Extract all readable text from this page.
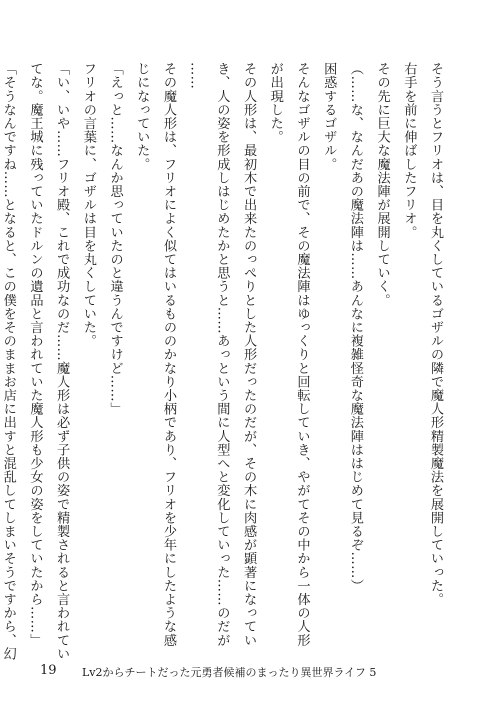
そう言うとフリオは、目を丸くしているゴザルの隣で魔人形精製魔法を展開していった。
右手を前に伸ばしたフリオ。
その先に巨大な魔法陣が展開していく。
（……な、なんだあの魔法陣は……あんなに複雑怪奇な魔法陣ははじめて見るぞ……）
困惑するゴザル。
そんなゴザルの目の前で、その魔法陣はゆっくりと回転していき、やがてその中から一体の人形
が出現した。
その人形は、最初木で出来たのっぺりとした人形だったのだが、その木に肉感が顕著になってい
き、人の姿を形成しはじめたかと思うと……あっという間に人型へと変化していった……のだが
……
その魔人形は、フリオによく似てはいるもののかなり小柄であり、フリオを少年にしたような感
じになっていた。
「えっと……なんか思っていたのと違うんですけど……」
フリオの言葉に、ゴザルは目を丸くしていた。
「い、いや……フリオ殿、これで成功なのだ……魔人形は必ず子供の姿で精製されると言われてい
てな。魔王城に残っていたドルンの遺品と言われていた魔人形も少女の姿をしていたから……」
「そうなんですね……となると、この僕をそのままお店に出すと混乱してしまいそうですから、幻
19 Lv2からチートだった元勇者候補のまったり異世界ライフ 5
